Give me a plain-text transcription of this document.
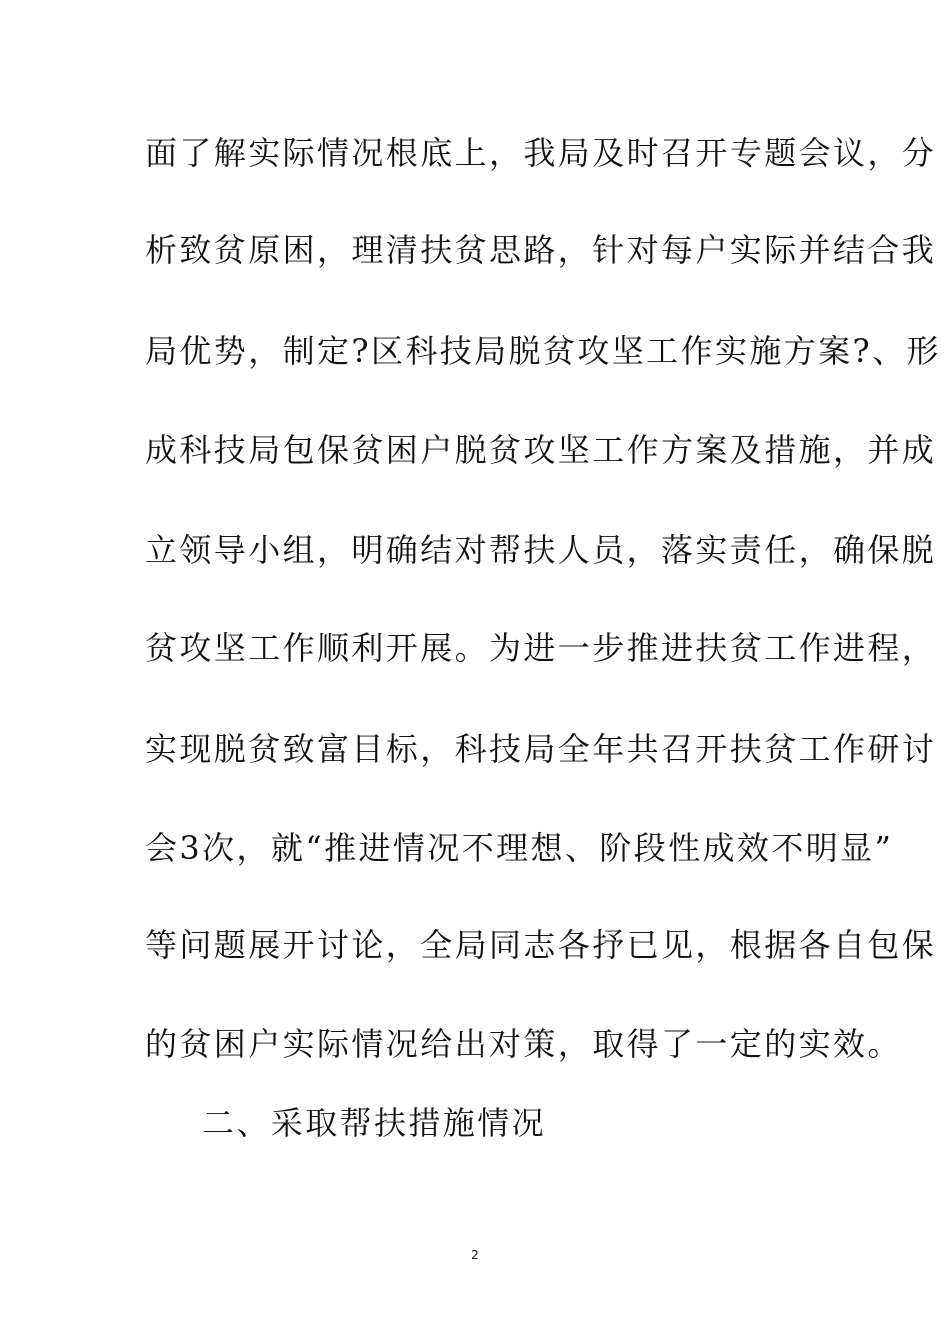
面了解实际情况根底上，我局及时召开专题会议，分
析致贫原困，理清扶贫思路，针对每户实际并结合我
局优势，制定?区科技局脱贫攻坚工作实施方案?、形
成科技局包保贫困户脱贫攻坚工作方案及措施，并成
立领导小组，明确结对帮扶人员，落实责任，确保脱
贫攻坚工作顺利开展。为进一步推进扶贫工作进程，
实现脱贫致富目标，科技局全年共召开扶贫工作研讨
会3次，就“推进情况不理想、阶段性成效不明显”
等问题展开讨论，全局同志各抒已见，根据各自包保
的贫困户实际情况给出对策，取得了一定的实效。
二、采取帮扶措施情况
2
